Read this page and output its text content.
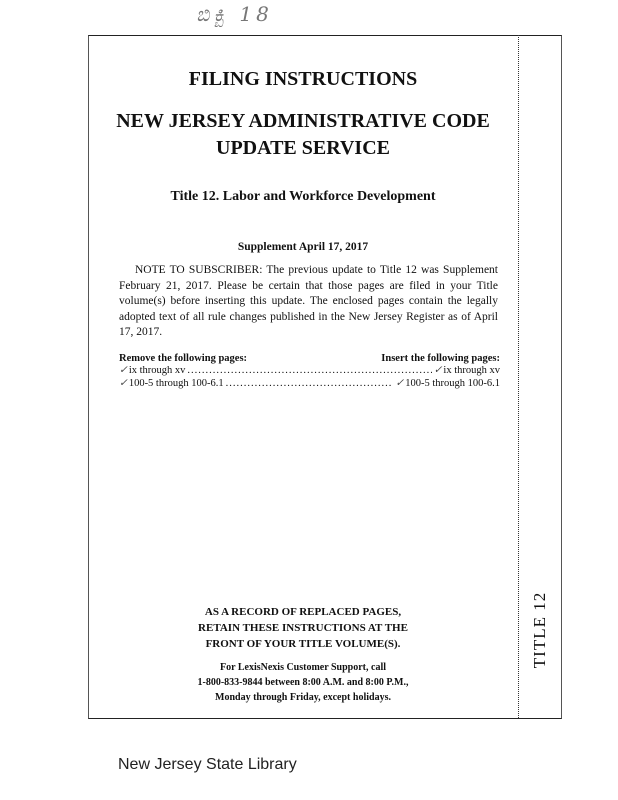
ಬಿಕ್ಬಿ 18
TITLE 12
FILING INSTRUCTIONS
NEW JERSEY ADMINISTRATIVE CODE
UPDATE SERVICE
Title 12. Labor and Workforce Development
Supplement April 17, 2017

NOTE TO SUBSCRIBER: The previous update to Title 12 was Supplement February 21, 2017. Please be certain that those pages are filed in your Title volume(s) before inserting this update. The enclosed pages contain the legally adopted text of all rule changes published in the New Jersey Register as of April 17, 2017.

Remove the following pages:	Insert the following pages:
✓ ix through xv .....	✓ ix through xv
✓ 100-5 through 100-6.1 .....	✓ 100-5 through 100-6.1
AS A RECORD OF REPLACED PAGES,
RETAIN THESE INSTRUCTIONS AT THE
FRONT OF YOUR TITLE VOLUME(S).
For LexisNexis Customer Support, call
1-800-833-9844 between 8:00 A.M. and 8:00 P.M.,
Monday through Friday, except holidays.
New Jersey State Library
